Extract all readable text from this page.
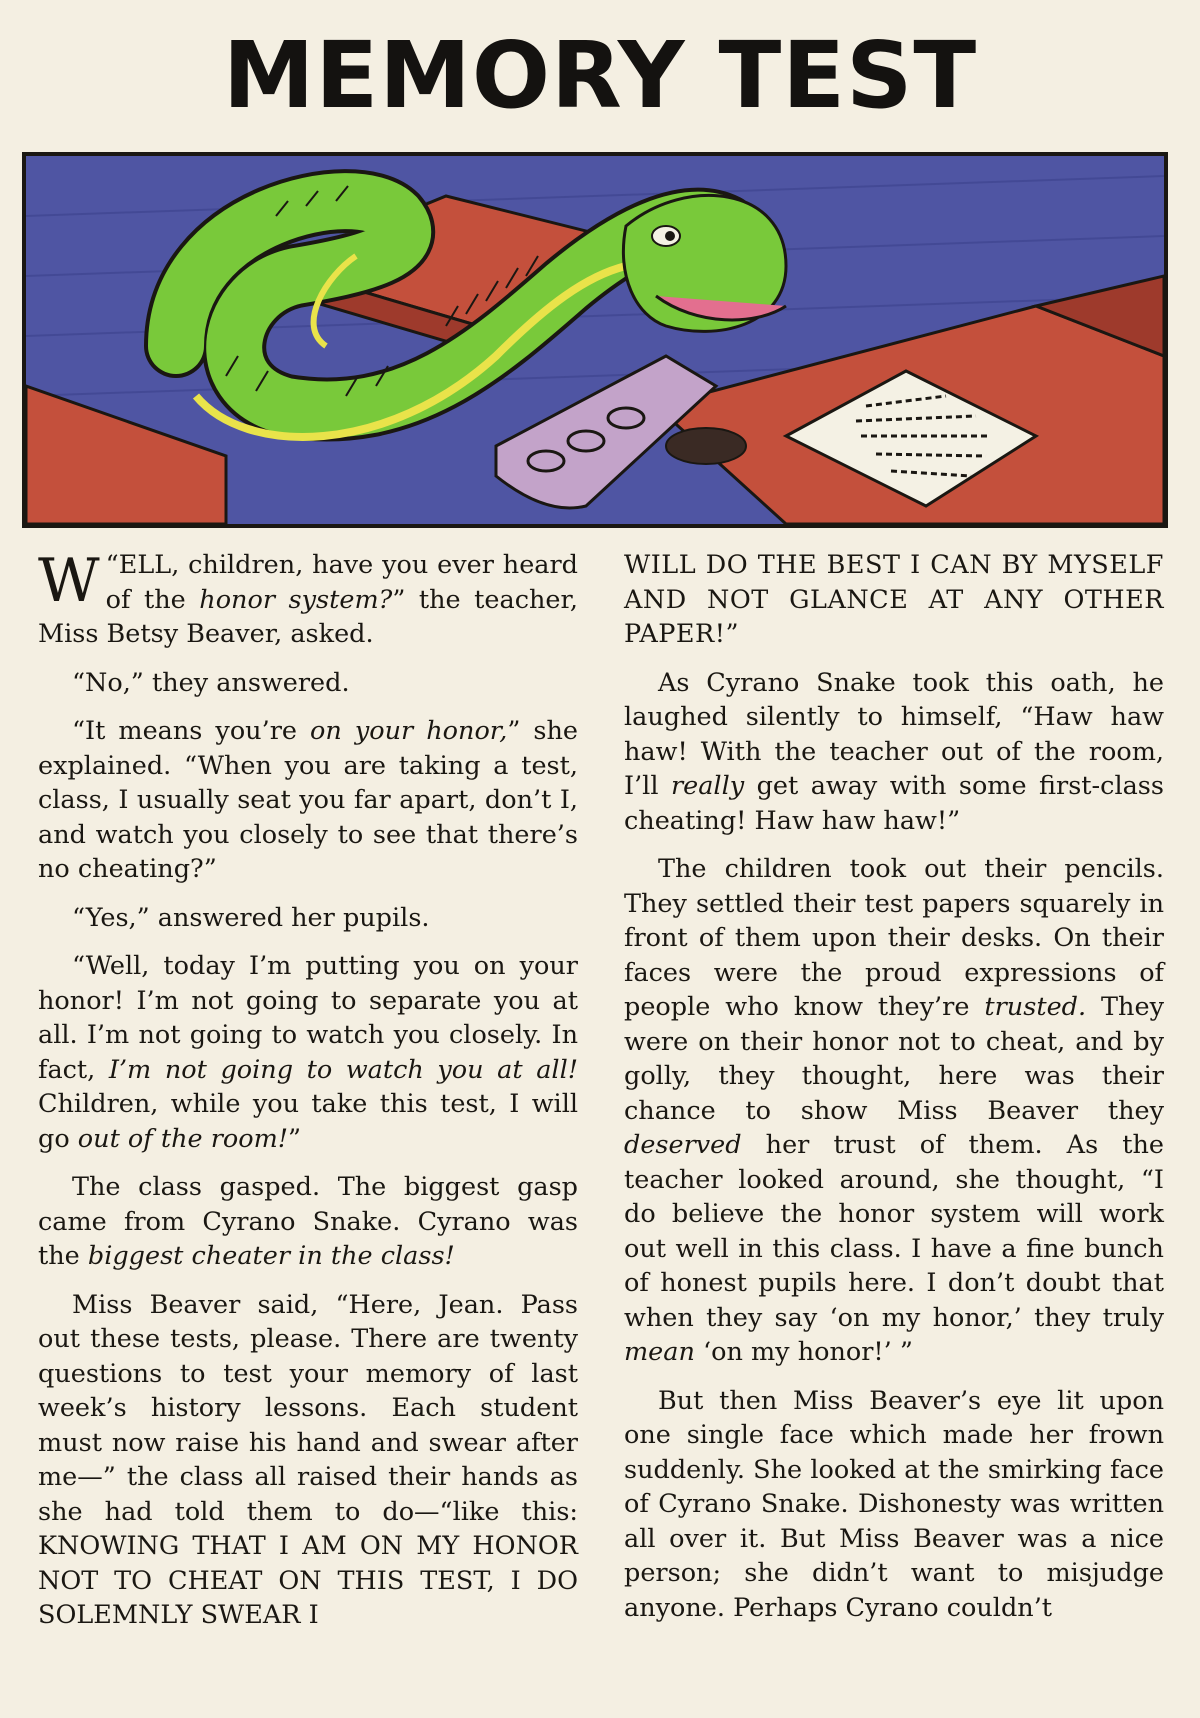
MEMORY TEST

“
W ELL, children, have you ever heard of the honor system?” the teacher, Miss Betsy Beaver, asked.

“No,” they answered.

“It means you’re on your honor,” she explained. “When you are taking a test, class, I usually seat you far apart, don’t I, and watch you closely to see that there’s no cheating?”

“Yes,” answered her pupils.

“Well, today I’m putting you on your honor! I’m not going to separate you at all. I’m not going to watch you closely. In fact, I’m not going to watch you at all! Children, while you take this test, I will go out of the room!”

The class gasped. The biggest gasp came from Cyrano Snake. Cyrano was the biggest cheater in the class!

Miss Beaver said, “Here, Jean. Pass out these tests, please. There are twenty questions to test your memory of last week’s history lessons. Each student must now raise his hand and swear after me—” the class all raised their hands as she had told them to do—“like this: KNOWING THAT I AM ON MY HONOR NOT TO CHEAT ON THIS TEST, I DO SOLEMNLY SWEAR I

WILL DO THE BEST I CAN BY MYSELF AND NOT GLANCE AT ANY OTHER PAPER!”

As Cyrano Snake took this oath, he laughed silently to himself, “Haw haw haw! With the teacher out of the room, I’ll really get away with some first-class cheating! Haw haw haw!”

The children took out their pencils. They settled their test papers squarely in front of them upon their desks. On their faces were the proud expressions of people who know they’re trusted. They were on their honor not to cheat, and by golly, they thought, here was their chance to show Miss Beaver they deserved her trust of them. As the teacher looked around, she thought, “I do believe the honor system will work out well in this class. I have a fine bunch of honest pupils here. I don’t doubt that when they say ‘on my honor,’ they truly mean ‘on my honor!’ ”

But then Miss Beaver’s eye lit upon one single face which made her frown suddenly. She looked at the smirking face of Cyrano Snake. Dishonesty was written all over it. But Miss Beaver was a nice person; she didn’t want to misjudge anyone. Perhaps Cyrano couldn’t
